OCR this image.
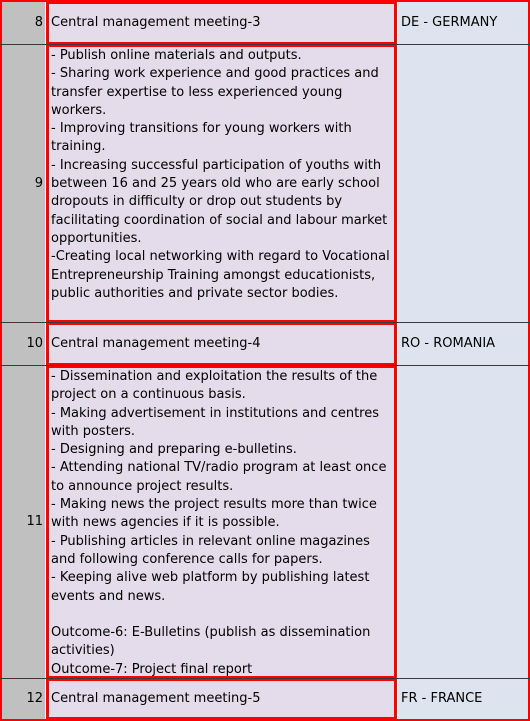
8 Central management meeting-3	DE - GERMANY
9
- Publish online materials and outputs.
- Sharing work experience and good practices and transfer expertise to less experienced young workers.
- Improving transitions for young workers with training.
- Increasing successful participation of youths with between 16 and 25 years old who are early school dropouts in difficulty or drop out students by facilitating coordination of social and labour market opportunities.
-Creating local networking with regard to Vocational Entrepreneurship Training amongst educationists, public authorities and private sector bodies.

10 Central management meeting-4	RO - ROMANIA
11
- Dissemination and exploitation the results of the project on a continuous basis.
- Making advertisement in institutions and centres with posters.
- Designing and preparing e-bulletins.
- Attending national TV/radio program at least once to announce project results.
- Making news the project results more than twice with news agencies if it is possible.
- Publishing articles in relevant online magazines and following conference calls for papers.
- Keeping alive web platform by publishing latest events and news.

Outcome-6: E-Bulletins (publish as dissemination activities)
Outcome-7: Project final report
12 Central management meeting-5	FR - FRANCE
